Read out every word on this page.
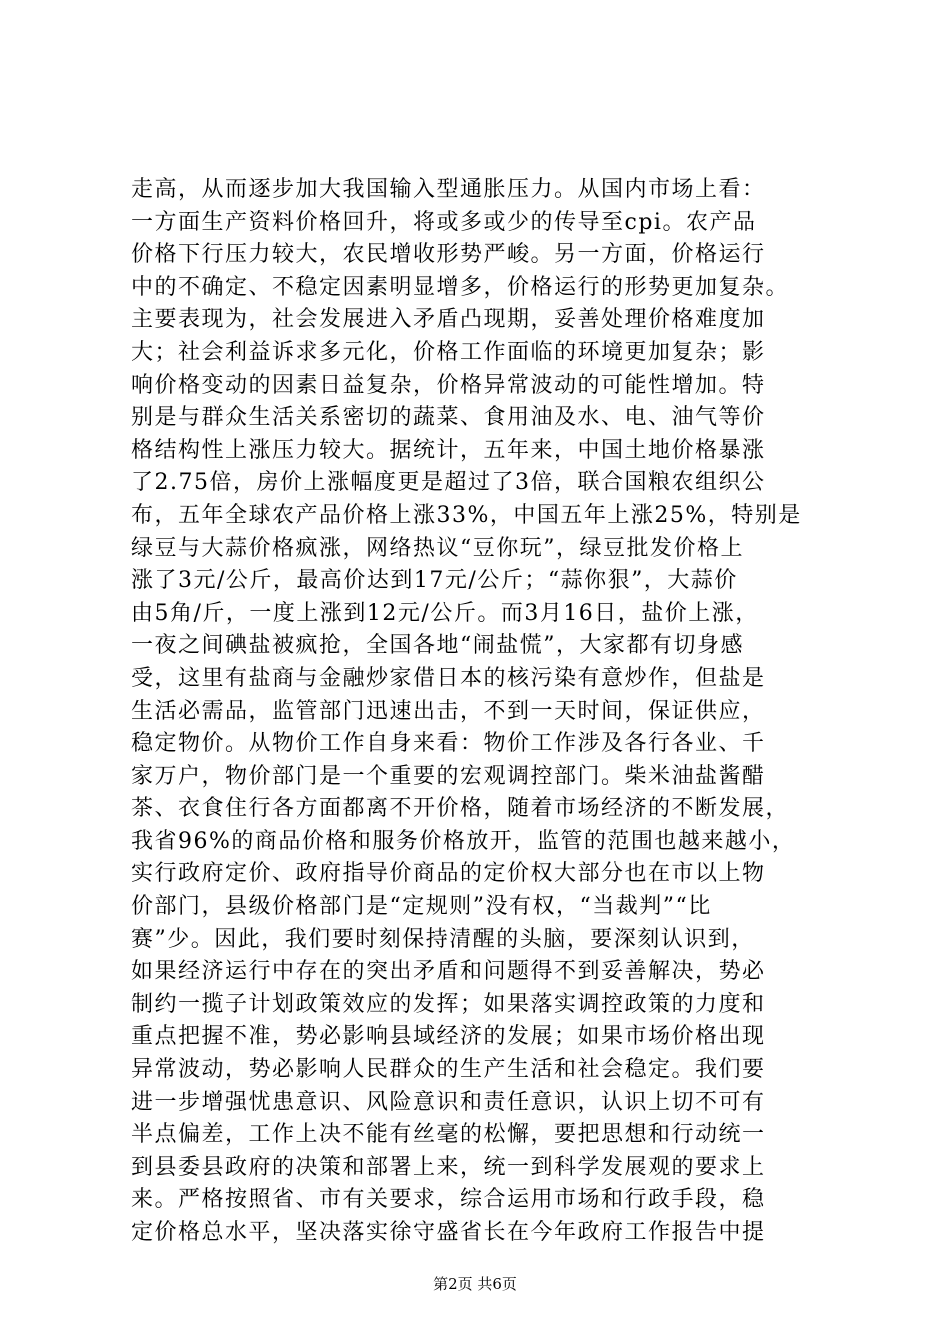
走高，从而逐步加大我国输入型通胀压力。从国内市场上看：
一方面生产资料价格回升，将或多或少的传导至cpi。农产品
价格下行压力较大，农民增收形势严峻。另一方面，价格运行
中的不确定、不稳定因素明显增多，价格运行的形势更加复杂。
主要表现为，社会发展进入矛盾凸现期，妥善处理价格难度加
大；社会利益诉求多元化，价格工作面临的环境更加复杂；影
响价格变动的因素日益复杂，价格异常波动的可能性增加。特
别是与群众生活关系密切的蔬菜、食用油及水、电、油气等价
格结构性上涨压力较大。据统计，五年来，中国土地价格暴涨
了2.75倍，房价上涨幅度更是超过了3倍，联合国粮农组织公
布，五年全球农产品价格上涨33%，中国五年上涨25%，特别是
绿豆与大蒜价格疯涨，网络热议“豆你玩”，绿豆批发价格上
涨了3元/公斤，最高价达到17元/公斤；“蒜你狠”，大蒜价
由5角/斤，一度上涨到12元/公斤。而3月16日，盐价上涨，
一夜之间碘盐被疯抢，全国各地“闹盐慌”，大家都有切身感
受，这里有盐商与金融炒家借日本的核污染有意炒作，但盐是
生活必需品，监管部门迅速出击，不到一天时间，保证供应，
稳定物价。从物价工作自身来看：物价工作涉及各行各业、千
家万户，物价部门是一个重要的宏观调控部门。柴米油盐酱醋
茶、衣食住行各方面都离不开价格，随着市场经济的不断发展，
我省96%的商品价格和服务价格放开，监管的范围也越来越小，
实行政府定价、政府指导价商品的定价权大部分也在市以上物
价部门，县级价格部门是“定规则”没有权，“当裁判”“比
赛”少。因此，我们要时刻保持清醒的头脑，要深刻认识到，
如果经济运行中存在的突出矛盾和问题得不到妥善解决，势必
制约一揽子计划政策效应的发挥；如果落实调控政策的力度和
重点把握不准，势必影响县域经济的发展；如果市场价格出现
异常波动，势必影响人民群众的生产生活和社会稳定。我们要
进一步增强忧患意识、风险意识和责任意识，认识上切不可有
半点偏差，工作上决不能有丝毫的松懈，要把思想和行动统一
到县委县政府的决策和部署上来，统一到科学发展观的要求上
来。严格按照省、市有关要求，综合运用市场和行政手段，稳
定价格总水平，坚决落实徐守盛省长在今年政府工作报告中提
第2页 共6页
